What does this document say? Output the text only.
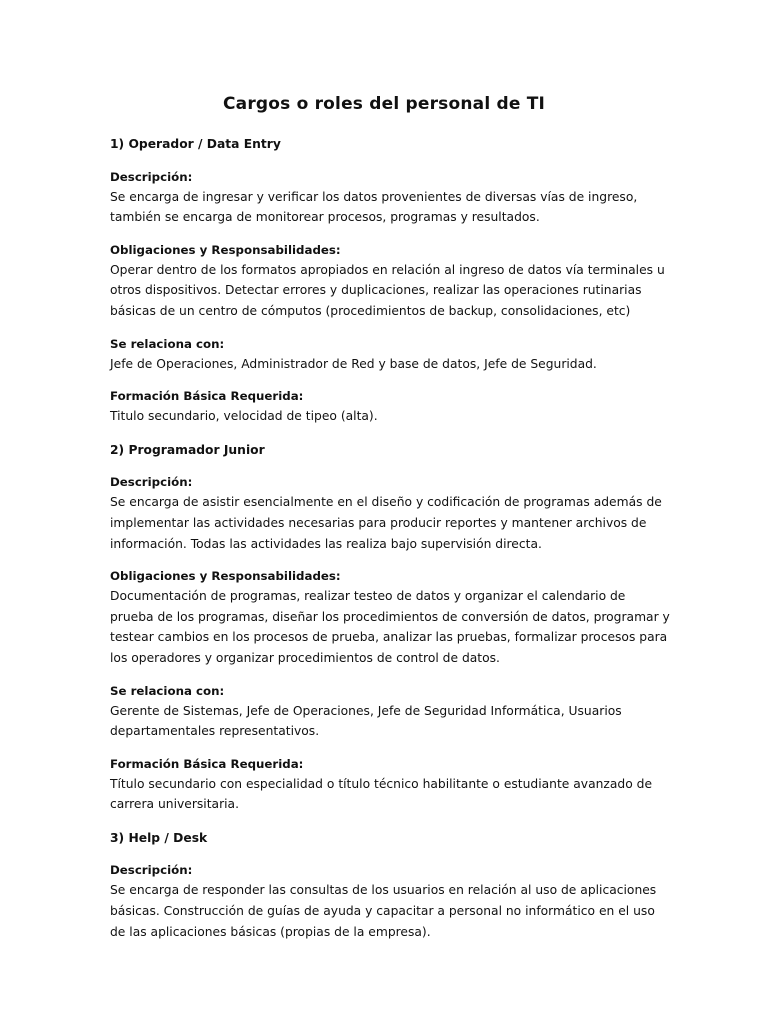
Cargos o roles del personal de TI
1) Operador / Data Entry
Descripción:

Se encarga de ingresar y verificar los datos provenientes de diversas vías de ingreso, también se encarga de monitorear procesos, programas y resultados.

Obligaciones y Responsabilidades:

Operar dentro de los formatos apropiados en relación al ingreso de datos vía terminales u otros dispositivos. Detectar errores y duplicaciones, realizar las operaciones rutinarias básicas de un centro de cómputos (procedimientos de backup, consolidaciones, etc)

Se relaciona con:

Jefe de Operaciones, Administrador de Red y base de datos, Jefe de Seguridad.

Formación Básica Requerida:

Titulo secundario, velocidad de tipeo (alta).

2) Programador Junior
Descripción:

Se encarga de asistir esencialmente en el diseño y codificación de programas además de implementar las actividades necesarias para producir reportes y mantener archivos de información. Todas las actividades las realiza bajo supervisión directa.

Obligaciones y Responsabilidades:

Documentación de programas, realizar testeo de datos y organizar el calendario de prueba de los programas, diseñar los procedimientos de conversión de datos, programar y testear cambios en los procesos de prueba, analizar las pruebas, formalizar procesos para los operadores y organizar procedimientos de control de datos.

Se relaciona con:

Gerente de Sistemas, Jefe de Operaciones, Jefe de Seguridad Informática, Usuarios departamentales representativos.

Formación Básica Requerida:

Título secundario con especialidad o título técnico habilitante o estudiante avanzado de carrera universitaria.

3) Help / Desk
Descripción:

Se encarga de responder las consultas de los usuarios en relación al uso de aplicaciones básicas. Construcción de guías de ayuda y capacitar a personal no informático en el uso de las aplicaciones básicas (propias de la empresa).
